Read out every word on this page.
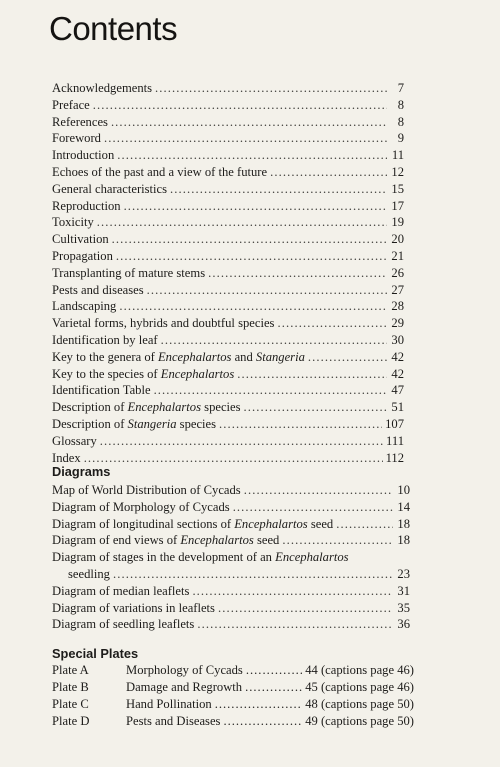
Contents
Acknowledgements .....	7
Preface .....	8
References .....	8
Foreword .....	9
Introduction .....	11
Echoes of the past and a view of the future .....	12
General characteristics .....	15
Reproduction .....	17
Toxicity .....	19
Cultivation .....	20
Propagation .....	21
Transplanting of mature stems .....	26
Pests and diseases .....	27
Landscaping .....	28
Varietal forms, hybrids and doubtful species .....	29
Identification by leaf .....	30
Key to the genera of Encephalartos and Stangeria .....	42
Key to the species of Encephalartos .....	42
Identification Table .....	47
Description of Encephalartos species .....	51
Description of Stangeria species .....	107
Glossary .....	111
Index .....	112
Diagrams
Map of World Distribution of Cycads .....	10
Diagram of Morphology of Cycads .....	14
Diagram of longitudinal sections of Encephalartos seed .....	18
Diagram of end views of Encephalartos seed .....	18
Diagram of stages in the development of an Encephalartos
seedling .....	23
Diagram of median leaflets .....	31
Diagram of variations in leaflets .....	35
Diagram of seedling leaflets .....	36
Special Plates
Plate A	Morphology of Cycads .....	44 (captions page 46)
Plate B	Damage and Regrowth .....	45 (captions page 46)
Plate C	Hand Pollination .....	48 (captions page 50)
Plate D	Pests and Diseases .....	49 (captions page 50)
